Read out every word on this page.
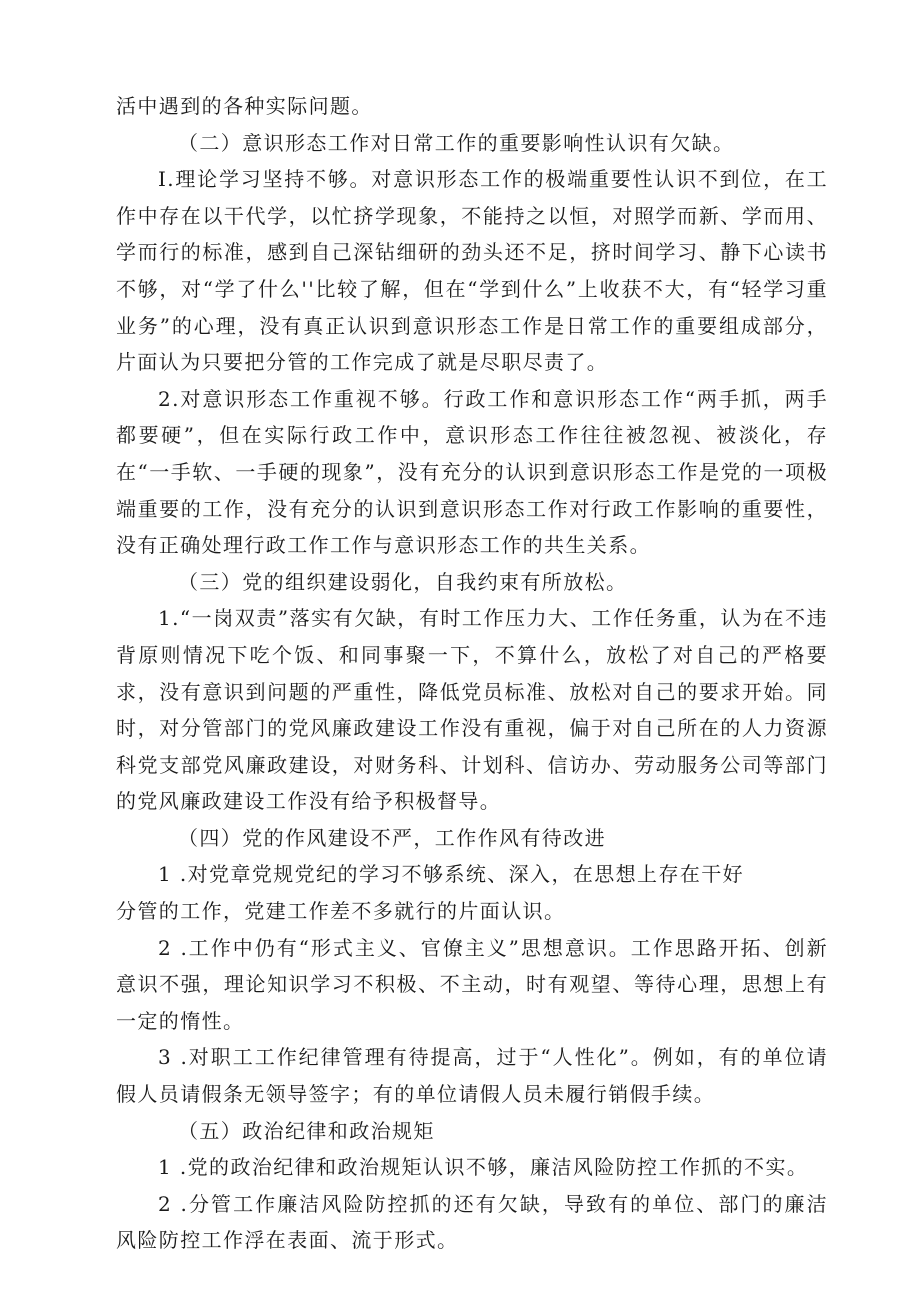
活中遇到的各种实际问题。

（二）意识形态工作对日常工作的重要影响性认识有欠缺。

I.理论学习坚持不够。对意识形态工作的极端重要性认识不到位，在工作中存在以干代学，以忙挤学现象，不能持之以恒，对照学而新、学而用、学而行的标准，感到自己深钻细研的劲头还不足，挤时间学习、静下心读书不够，对“学了什么''比较了解，但在“学到什么”上收获不大，有“轻学习重业务”的心理，没有真正认识到意识形态工作是日常工作的重要组成部分，片面认为只要把分管的工作完成了就是尽职尽责了。

2.对意识形态工作重视不够。行政工作和意识形态工作“两手抓，两手都要硬”，但在实际行政工作中，意识形态工作往往被忽视、被淡化，存在“一手软、一手硬的现象”，没有充分的认识到意识形态工作是党的一项极端重要的工作，没有充分的认识到意识形态工作对行政工作影响的重要性，没有正确处理行政工作工作与意识形态工作的共生关系。

（三）党的组织建设弱化，自我约束有所放松。

1.“一岗双责”落实有欠缺，有时工作压力大、工作任务重，认为在不违背原则情况下吃个饭、和同事聚一下，不算什么，放松了对自己的严格要求，没有意识到问题的严重性，降低党员标准、放松对自己的要求开始。同时，对分管部门的党风廉政建设工作没有重视，偏于对自己所在的人力资源科党支部党风廉政建设，对财务科、计划科、信访办、劳动服务公司等部门的党风廉政建设工作没有给予积极督导。

（四）党的作风建设不严，工作作风有待改进

1 .对党章党规党纪的学习不够系统、深入，在思想上存在干好

分管的工作，党建工作差不多就行的片面认识。

2 .工作中仍有“形式主义、官僚主义”思想意识。工作思路开拓、创新意识不强，理论知识学习不积极、不主动，时有观望、等待心理，思想上有一定的惰性。

3 .对职工工作纪律管理有待提高，过于“人性化”。例如，有的单位请假人员请假条无领导签字；有的单位请假人员未履行销假手续。

（五）政治纪律和政治规矩

1 .党的政治纪律和政治规矩认识不够，廉洁风险防控工作抓的不实。

2 .分管工作廉洁风险防控抓的还有欠缺，导致有的单位、部门的廉洁风险防控工作浮在表面、流于形式。
